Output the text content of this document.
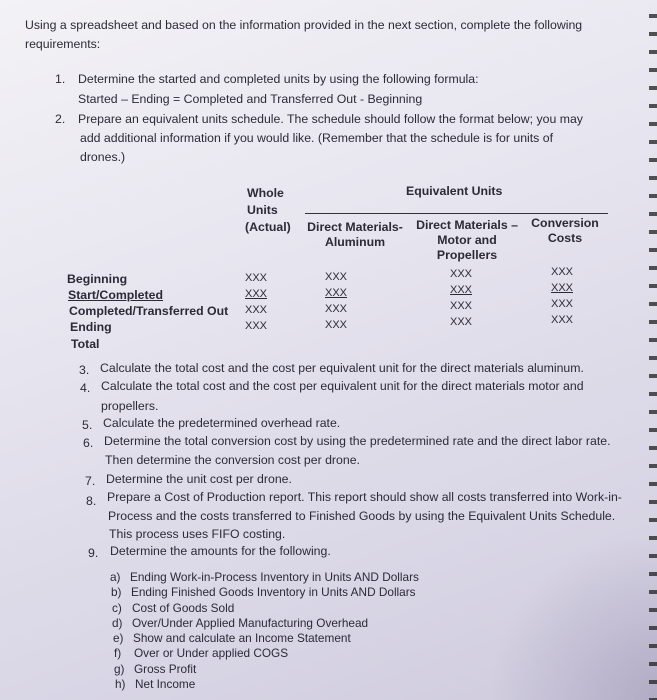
Using a spreadsheet and based on the information provided in the next section, complete the following
requirements:
1. Determine the started and completed units by using the following formula:
Started – Ending = Completed and Transferred Out - Beginning
2. Prepare an equivalent units schedule. The schedule should follow the format below; you may
add additional information if you would like. (Remember that the schedule is for units of
drones.)
Whole
Units
(Actual)
Equivalent Units
Direct Materials-
Aluminum
Direct Materials –
Motor and
Propellers
Conversion
Costs
Beginning
Start/Completed
Completed/Transferred Out
Ending
Total
XXX
XXX
XXX
XXX
XXX
XXX
XXX
XXX
XXX
XXX
XXX
XXX
XXX
XXX
XXX
XXX
3. Calculate the total cost and the cost per equivalent unit for the direct materials aluminum.
4. Calculate the total cost and the cost per equivalent unit for the direct materials motor and
propellers.
5. Calculate the predetermined overhead rate.
6. Determine the total conversion cost by using the predetermined rate and the direct labor rate.
Then determine the conversion cost per drone.
7. Determine the unit cost per drone.
8. Prepare a Cost of Production report. This report should show all costs transferred into Work-in-
Process and the costs transferred to Finished Goods by using the Equivalent Units Schedule.
This process uses FIFO costing.
9. Determine the amounts for the following.
a) Ending Work-in-Process Inventory in Units AND Dollars
b) Ending Finished Goods Inventory in Units AND Dollars
c) Cost of Goods Sold
d) Over/Under Applied Manufacturing Overhead
e) Show and calculate an Income Statement
f) Over or Under applied COGS
g) Gross Profit
h) Net Income
